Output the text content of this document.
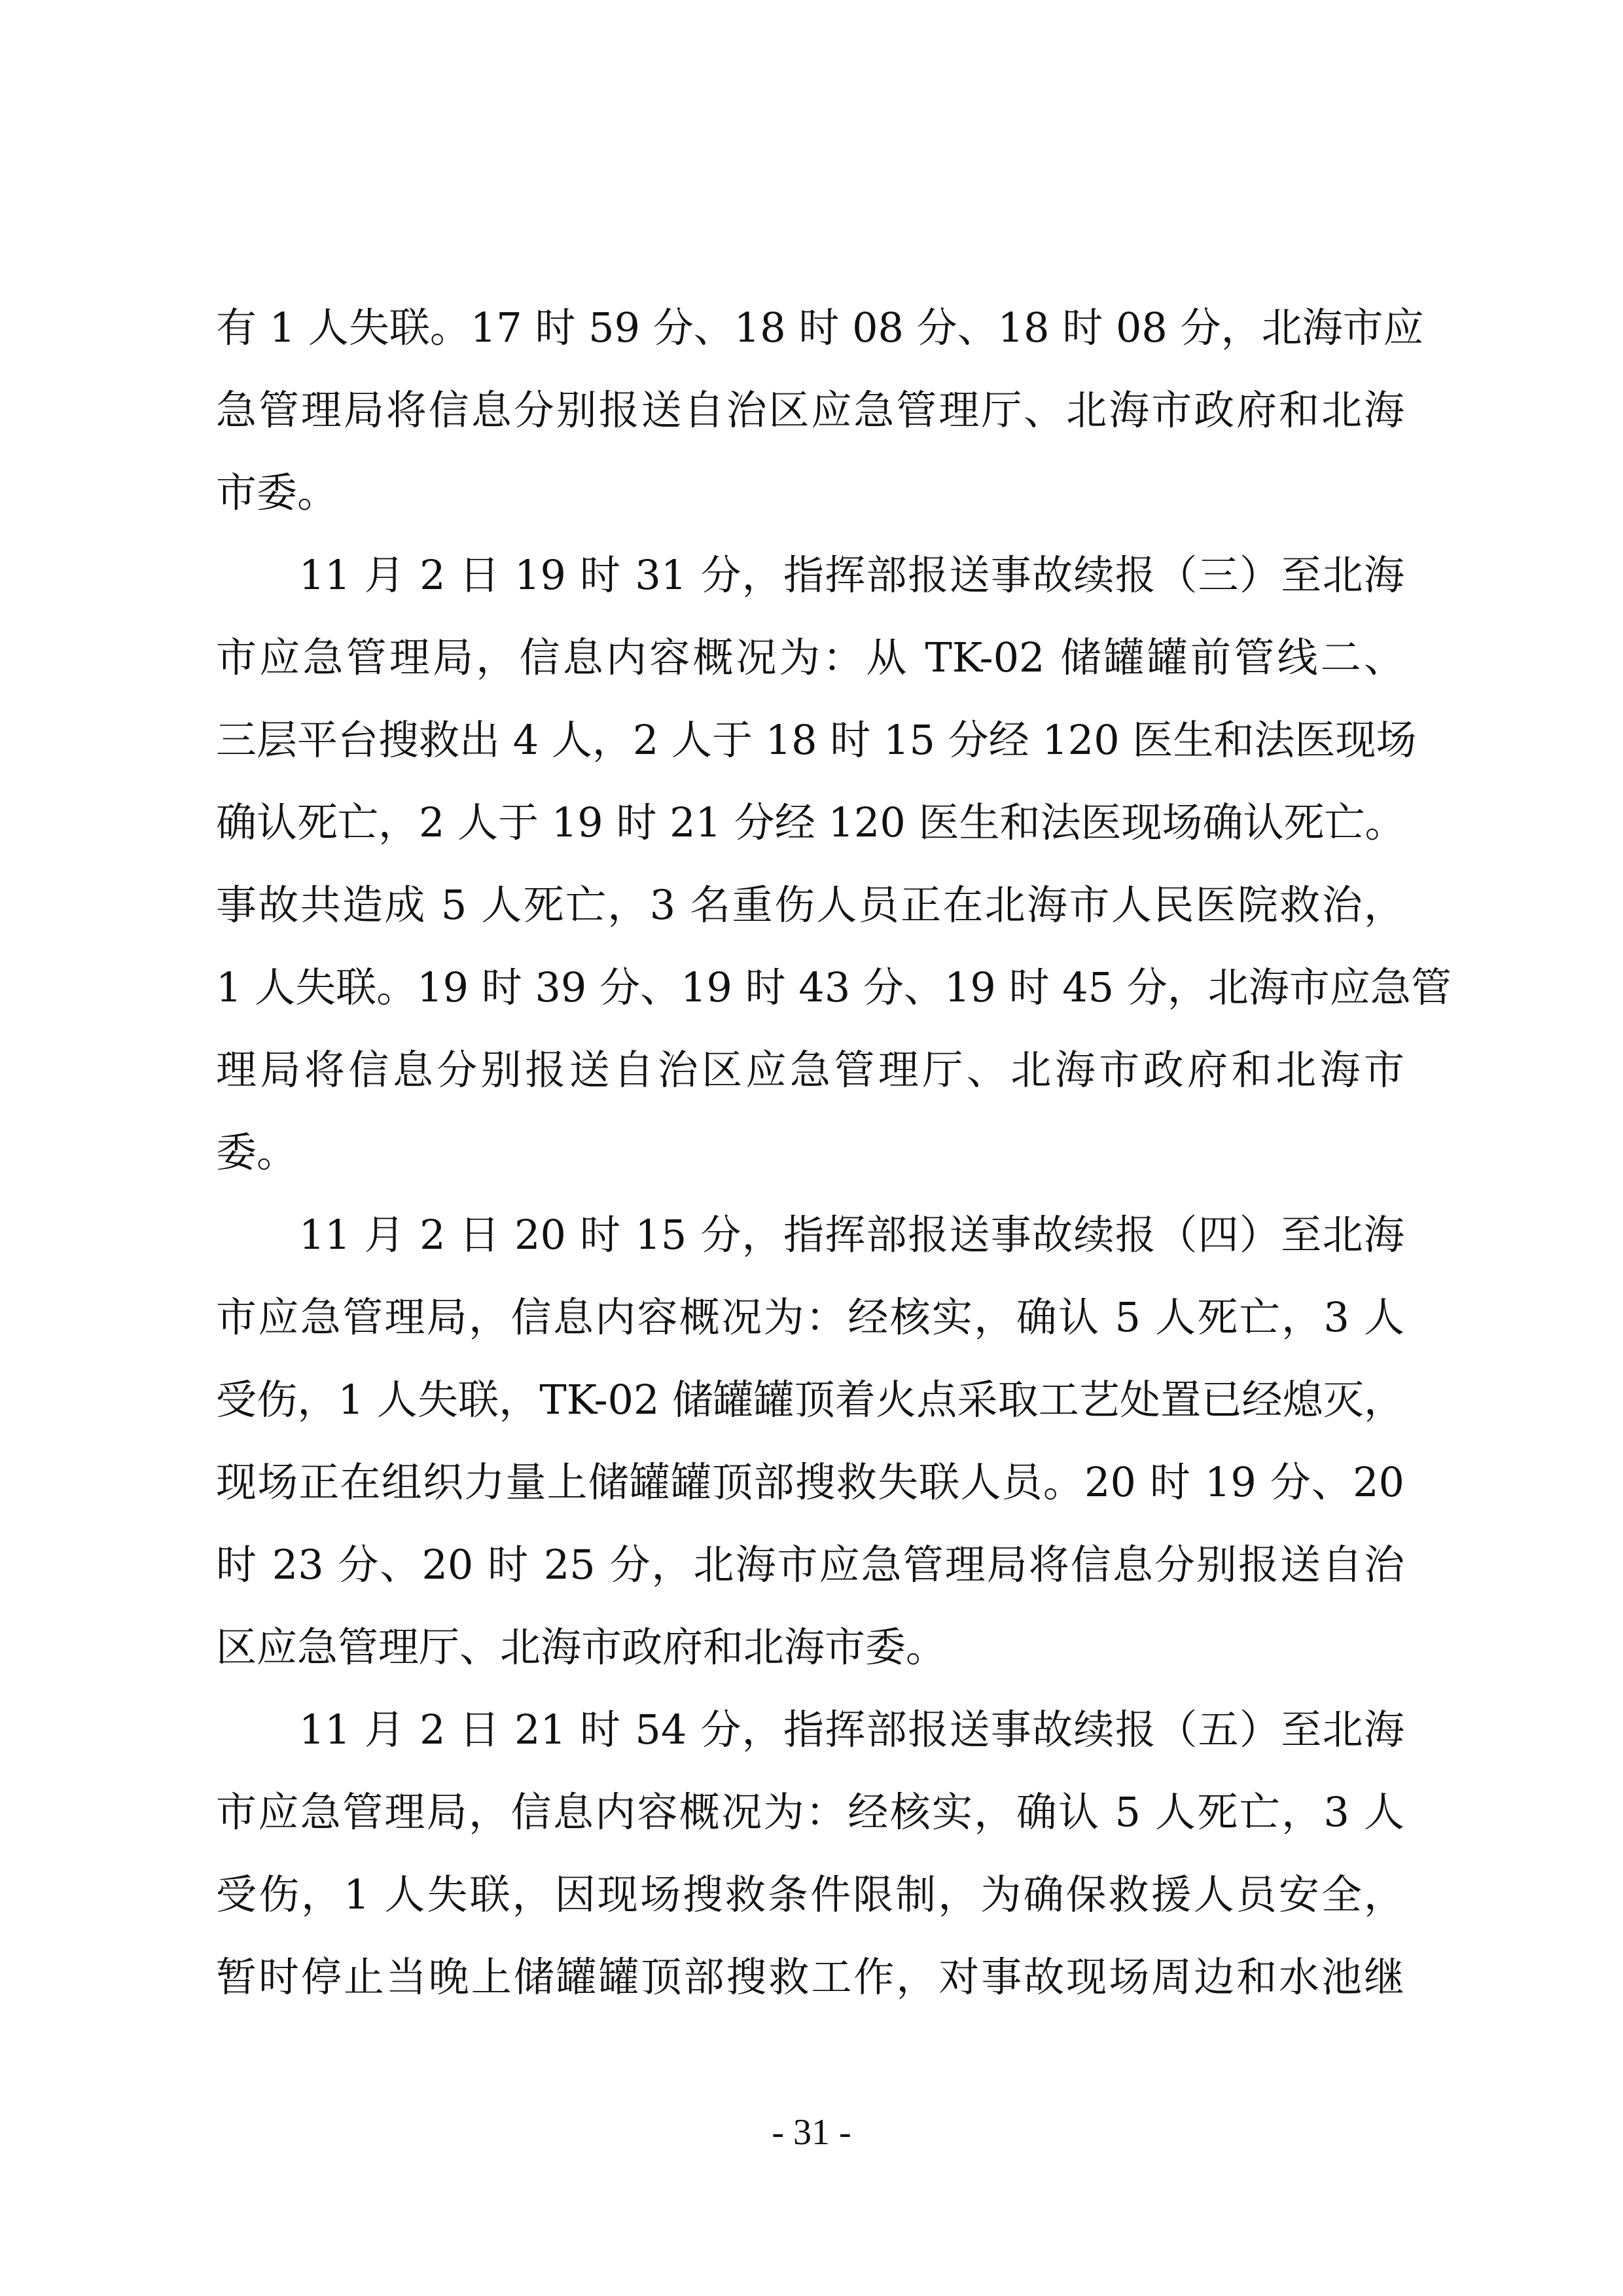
有 1 人失联。17 时 59 分、18 时 08 分、18 时 08 分，北海市应
急管理局将信息分别报送自治区应急管理厅、北海市政府和北海
市委。
　　11 月 2 日 19 时 31 分，指挥部报送事故续报（三）至北海
市应急管理局，信息内容概况为：从 TK-02 储罐罐前管线二、
三层平台搜救出 4 人，2 人于 18 时 15 分经 120 医生和法医现场
确认死亡，2 人于 19 时 21 分经 120 医生和法医现场确认死亡。
事故共造成 5 人死亡，3 名重伤人员正在北海市人民医院救治，
1 人失联。19 时 39 分、19 时 43 分、19 时 45 分，北海市应急管
理局将信息分别报送自治区应急管理厅、北海市政府和北海市
委。
　　11 月 2 日 20 时 15 分，指挥部报送事故续报（四）至北海
市应急管理局，信息内容概况为：经核实，确认 5 人死亡，3 人
受伤，1 人失联，TK-02 储罐罐顶着火点采取工艺处置已经熄灭，
现场正在组织力量上储罐罐顶部搜救失联人员。20 时 19 分、20
时 23 分、20 时 25 分，北海市应急管理局将信息分别报送自治
区应急管理厅、北海市政府和北海市委。
　　11 月 2 日 21 时 54 分，指挥部报送事故续报（五）至北海
市应急管理局，信息内容概况为：经核实，确认 5 人死亡，3 人
受伤，1 人失联，因现场搜救条件限制，为确保救援人员安全，
暂时停止当晚上储罐罐顶部搜救工作，对事故现场周边和水池继
- 31 -
